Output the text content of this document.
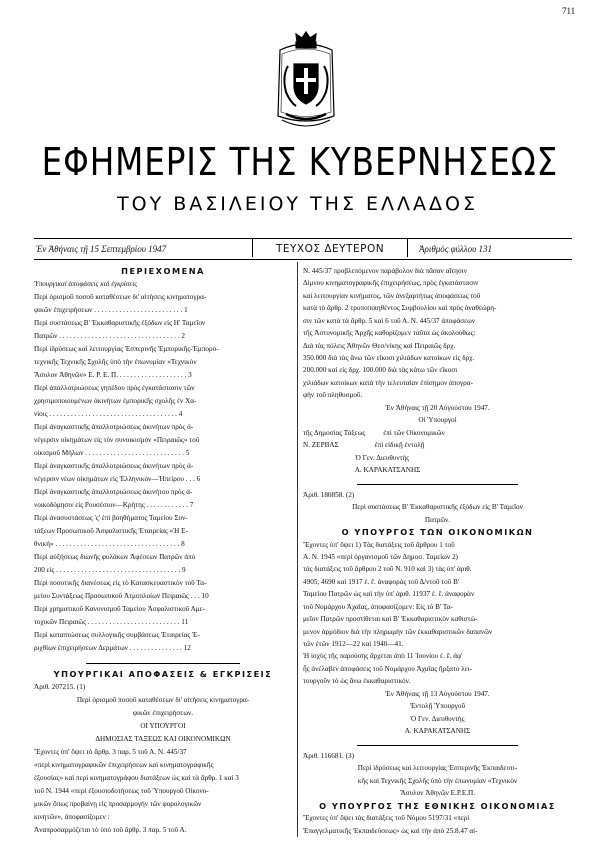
711
ΕΦΗΜΕΡΙΣ ΤΗΣ ΚΥΒΕΡΝΗΣΕΩΣ
ΤΟΥ ΒΑΣΙΛΕΙΟΥ ΤΗΣ ΕΛΛΑΔΟΣ
Ἐν Ἀθήναις τῇ 15 Σεπτεμβρίου 1947	ΤΕΥΧΟΣ ΔΕΥΤΕΡΟΝ	Ἀριθμὸς φύλλου 131
ΠΕΡΙΕΧΟΜΕΝΑ
Ὑπουργικαὶ ἀποφάσεις καὶ ἐγκρίσεις
Περὶ ὁρισμοῦ ποσοῦ καταθέσεων δι' αἰτήσεις κινηματογρα-
φικῶν ἐπιχειρήσεων . . . . . . . . . . . . . . . . . . . . . . . . . 1
Περὶ συστάσεως Β' Ἐκκαθαριστικῆς ἐξόδων εἰς Η' Ταμεῖον
Πατρῶν . . . . . . . . . . . . . . . . . . . . . . . . . . . . . . . . . . 2
Περὶ ἱδρύσεως καὶ λειτουργίας Ἑσπερινῆς Ἐμπορικῆς-Ἐμπορο-
τεχνικῆς Τεχνικῆς Σχολῆς ὑπὸ τὴν ἐπωνυμίαν «Τεχνικὸν
Ἄσυλον Ἀθηνῶν» Ε. Ρ. Ε. Π. . . . . . . . . . . . . . . . . . . . 3
Περὶ ἀπαλλοτριώσεως γηπέδου πρὸς ἐγκατάστασιν τῶν
χρησιμοποιουμένων ἀκινήτων ἐμπορικῆς σχολῆς ἐν Χα-
νίοις . . . . . . . . . . . . . . . . . . . . . . . . . . . . . . . . . . . . 4
Περὶ ἀναγκαστικῆς ἀπαλλοτριώσεως ἀκινήτων πρὸς ἀ-
νέγερσιν οἰκημάτων εἰς τὸν συνοικισμὸν «Πειραιῶς» τοῦ
οἰκισμοῦ Μήλων . . . . . . . . . . . . . . . . . . . . . . . . . . . . 5
Περὶ ἀναγκαστικῆς ἀπαλλοτριώσεως ἀκινήτων πρὸς ἀ-
νέγερσιν νέων οἰκημάτων εἰς Ἑλληνικὸν—Ἠπείρου . . . 6
Περὶ ἀναγκαστικῆς ἀπαλλοτριώσεως ἀκινήτου πρὸς ἀ-
νοικοδόμησιν εἰς Ρουσέσιον—Κρήτης . . . . . . . . . . . . 7
Περὶ ἀνασυστάσεως 'ς' ἐπὶ βοηθήματος Ταμείου Συν-
τάξεων Προσωπικοῦ Ἀσφαλιστικῆς Ἑταιρείας «Ἡ Ε-
θνική» . . . . . . . . . . . . . . . . . . . . . . . . . . . . . . . . . . . 8
Περὶ αὐξήσεως διωνῆς φυλάκων Ἀφέσεων Πατρῶν ἀπὸ
200 εἰς . . . . . . . . . . . . . . . . . . . . . . . . . . . . . . . . . . . 9
Περὶ ποσοτικῆς διανέσεως εἰς τὸ Κατασκευαστικὸν τοῦ Τα-
μείου Συντάξεως Προσωπικοῦ Ἀτμοπλοίων Πειραιῶς . . . 10
Περὶ χρηματικοῦ Κανονισμοῦ Ταμείου Ἀσφαλιστικοῦ Αμε-
τοχικῶν Πειραιῶς . . . . . . . . . . . . . . . . . . . . . . . . . . 11
Περὶ καταπτώσεως συλλογικῆς συμβάσεως Ἑταιρείας Ἐ-
ριχθίων ἐπιχειρήσεων Δερμάτων . . . . . . . . . . . . . . . 12
ΥΠΟΥΡΓΙΚΑΙ ΑΠΟΦΑΣΕΙΣ & ΕΓΚΡΙΣΕΙΣ
Ἀριθ. 207215. (1)
Περὶ ὁρισμοῦ ποσοῦ καταθέσεων δι' αἰτήσεις κινηματογρα-
φικῶν ἐπιχειρήσεων.
ΟΙ ΥΠΟΥΡΓΟΙ
ΔΗΜΟΣΙΑΣ ΤΑΞΕΩΣ ΚΑΙ ΟΙΚΟΝΟΜΙΚΩΝ
Ἔχοντες ὑπ' ὄψει τὸ ἄρθρ. 3 παρ. 5 τοῦ Α. Ν. 445/37
«περὶ κινηματογραφικῶν ἐπιχειρήσεων καὶ κινηματογραφικῆς
ἐξουσίας» καὶ περὶ κινηματογράφου διατάξεων ὡς καὶ τὰ ἄρθρ. 1 καὶ 3
τοῦ Ν. 1944 «περὶ ἐξουσιοδοτήσεως τοῦ Ὑπουργοῦ Οἰκονο-
μικῶν ὅπως προβαίνῃ εἰς προσαρμογὴν τῶν φορολογικῶν
κινητῶν», ἀποφασίζομεν :
Ἀναπροσαρμόζεται τὸ ὑπὸ τοῦ ἄρθρ. 3 παρ. 5 τοῦ Α.
Ν. 445/37 προβλεπόμενον παράβολον διὰ πᾶσαν αἴτησιν
Δίμνου κινηματογραφικῆς ἐπιχειρήσεως, πρὸς ἐγκατάστασιν
καὶ λειτουργίαν κινήματος, τῶν ἀνεξαρτήτως ἀποφάσεως τοῦ
κατὰ τὸ ἄρθρ. 2 τροποποιηθέντος Συμβουλίου καὶ πρὸς ἀναθεώρη-
σιν τῶν κατὰ τὰ ἄρθρ. 5 καὶ 6 τοῦ Α. Ν. 445/37 ἀποφάσεων
τῆς Ἀστυνομικῆς Ἀρχῆς καθορίζομεν ταῦτα ὡς ἀκολούθως:
Διὰ τὰς πόλεις Ἀθηνῶν Θεσ/νίκης καὶ Πειραιῶς δρχ.
350.000 διὰ τὰς ἄνω τῶν εἴκοσι χιλιάδων κατοίκων εἰς δρχ.
200.000 καὶ εἰς δρχ. 100.000 διὰ τὰς κάτω τῶν εἴκοσι
χιλιάδων κατοίκων κατὰ τὴν τελευταίαν ἐπίσημον ἀπογρα-
φὴν τοῦ πληθυσμοῦ.
Ἐν Ἀθήναις τῇ 20 Αὐγούστου 1947.
Οἱ Ὑπουργοί
τῆς Δημοσίας Τάξεως          ἐπὶ τῶν Οἰκονομικῶν
Ν. ΖΕΡΒΑΣ                    ἐπὶ εἰδικῇ ἐντολῇ
Ὁ Γεν. Διευθυντὴς
Α. ΚΑΡΑΚΑΤΣΑΝΗΣ
Ἀριθ. 180858. (2)
Περὶ συστάσεως Β' Ἐκκαθαριστικῆς ἐξόδων εἰς Β' Ταμεῖον
Πατρῶν.
Ο ΥΠΟΥΡΓΟΣ ΤΩΝ ΟΙΚΟΝΟΜΙΚΩΝ
Ἔχοντες ὑπ' ὄψει 1) Τὰς διατάξεις τοῦ ἄρθρου 1 τοῦ
Α. Ν. 1945 «περὶ ὀργανισμοῦ τῶν Δημοσ. Ταμείων 2)
τὰς διατάξεις τοῦ ἄρθρου 2 τοῦ Ν. 910 καὶ 3) τὰς ὑπ' ἀριθ.
4905, 4690 καὶ 1917 ἐ. ἔ. ἀναφορὰς τοῦ Δ/ντοῦ τοῦ Β'
Ταμείου Πατρῶν ὡς καὶ τὴν ὑπ' ἀριθ. 11937 ἐ. ἔ. ἀναφορὰν
τοῦ Νομάρχου Ἀχαΐας, ἀποφασίζομεν: Εἰς τὸ Β' Τα-
μεῖον Πατρῶν προστίθεται καὶ Β' Ἐκκαθαριστικὸν καθιστώ-
μενον ἁρμόδιον διὰ τὴν πληρωμὴν τῶν ἐκκαθαριστικῶν δαπανῶν
τῶν ἐτῶν 1912—22 καὶ 1940—41.
Ἡ ἰσχὺς τῆς παρούσης ἄρχεται ἀπὸ 11 Ἰουνίου ἐ. ἔ. ἀφ'
ἧς ἀνέλαβεν ἀποφάσεις τοῦ Νομάρχου Ἀχαΐας ἤρξατο λει-
τουργοῦν τὸ ὡς ἄνω ἐκκαθαριστικόν.
Ἐν Ἀθήναις τῇ 13 Αὐγούστου 1947.
Ἐντολῇ Ὑπουργοῦ
Ὁ Γεν. Διευθυντὴς
Α. ΚΑΡΑΚΑΤΣΑΝΗΣ
Ἀριθ. 116681. (3)
Περὶ ἱδρύσεως καὶ λειτουργίας Ἑσπερινῆς Ἐκπαιδευτι-
κῆς καὶ Τεχνικῆς Σχολῆς ὑπὸ τὴν ἐπωνυμίαν «Τεχνικὸν
Ἄσυλον Ἀθηνῶν Ε.Ρ.Ε.Π.
Ο ΥΠΟΥΡΓΟΣ ΤΗΣ ΕΘΝΙΚΗΣ ΟΙΚΟΝΟΜΙΑΣ
Ἔχοντες ὑπ' ὄψει τὰς διατάξεις τοῦ Νόμου 5197/31 «περὶ
Ἐπαγγελματικῆς Ἐκπαιδεύσεως» ὡς καὶ τὴν ἀπὸ 25.8.47 αἰ-
